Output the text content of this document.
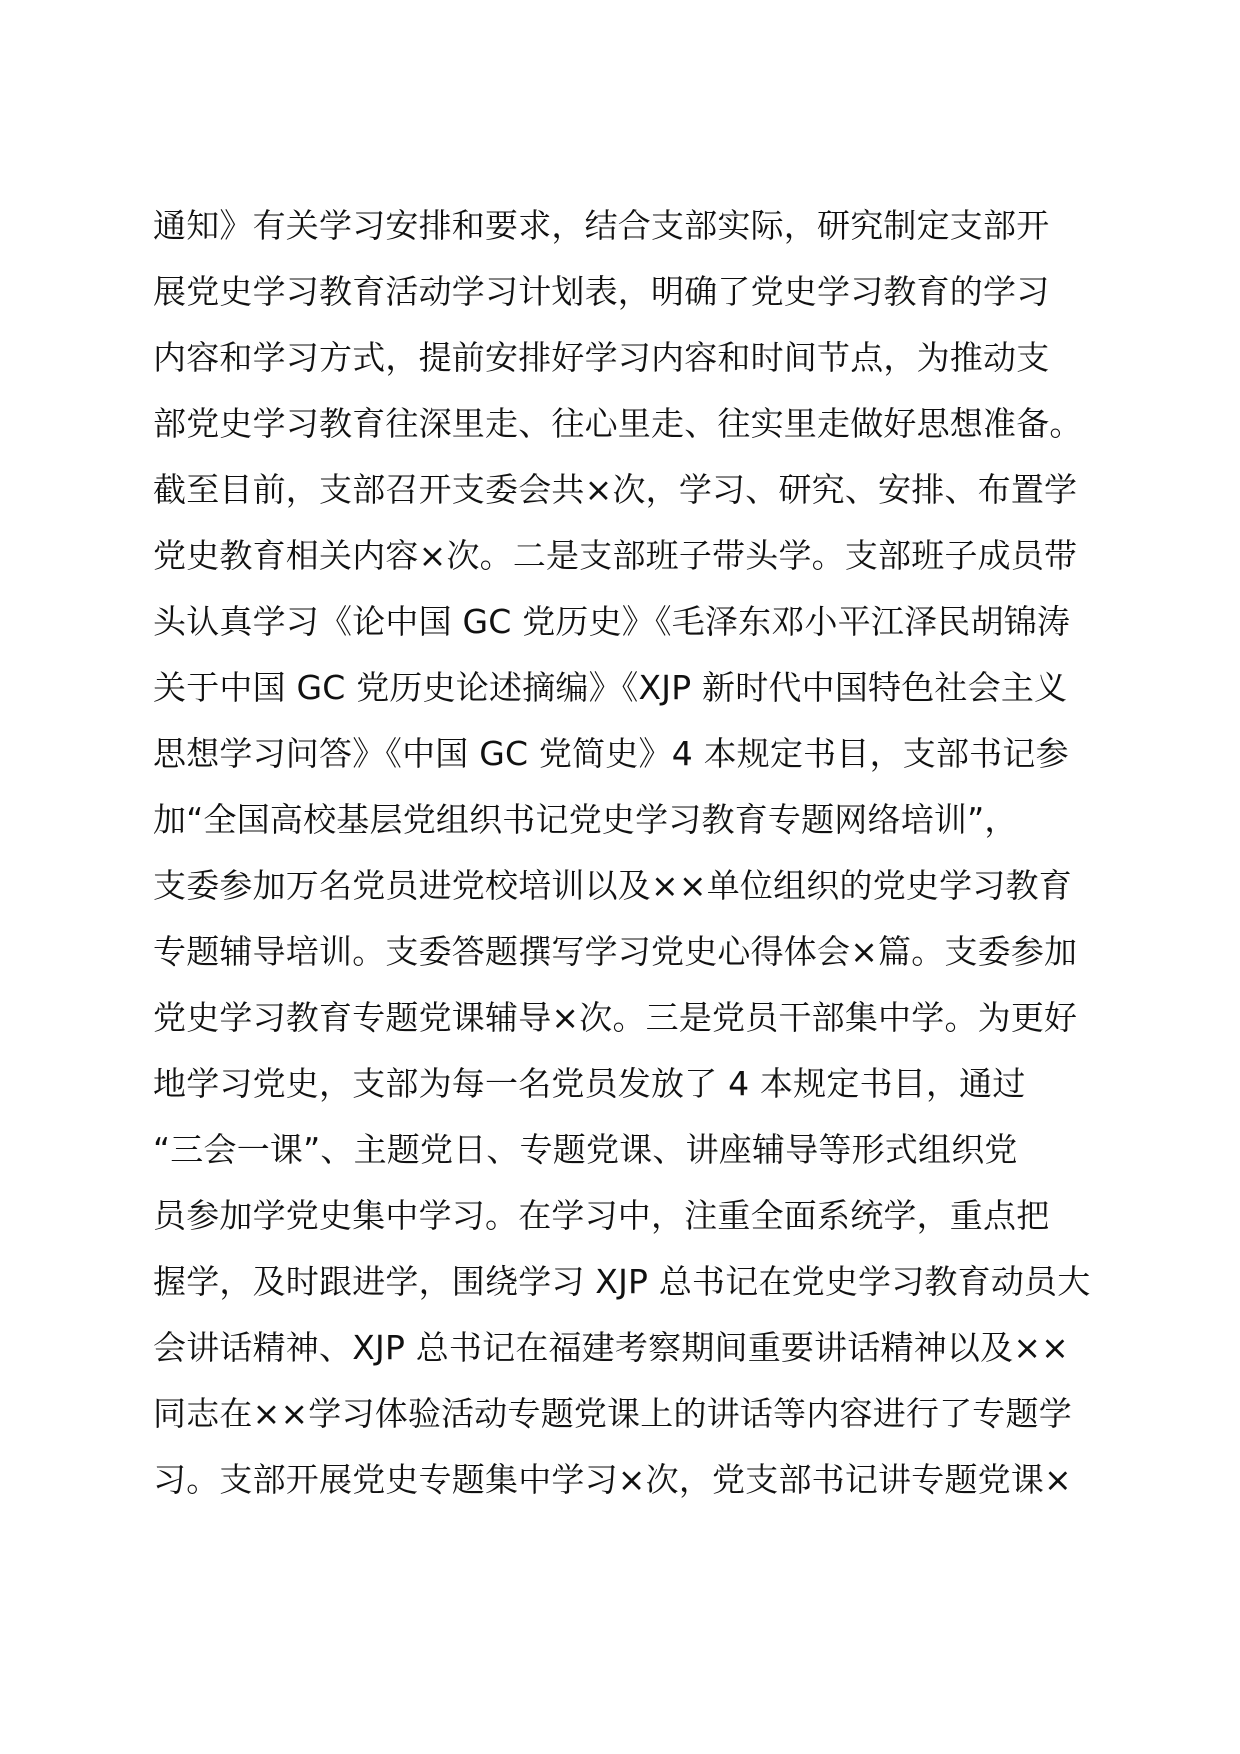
通知》有关学习安排和要求，结合支部实际，研究制定支部开
展党史学习教育活动学习计划表，明确了党史学习教育的学习
内容和学习方式，提前安排好学习内容和时间节点，为推动支
部党史学习教育往深里走、往心里走、往实里走做好思想准备。
截至目前，支部召开支委会共×次，学习、研究、安排、布置学
党史教育相关内容×次。二是支部班子带头学。支部班子成员带
头认真学习《论中国 GC 党历史》《毛泽东邓小平江泽民胡锦涛
关于中国 GC 党历史论述摘编》《XJP 新时代中国特色社会主义
思想学习问答》《中国 GC 党简史》4 本规定书目，支部书记参
加“全国高校基层党组织书记党史学习教育专题网络培训”，
支委参加万名党员进党校培训以及××单位组织的党史学习教育
专题辅导培训。支委答题撰写学习党史心得体会×篇。支委参加
党史学习教育专题党课辅导×次。三是党员干部集中学。为更好
地学习党史，支部为每一名党员发放了 4 本规定书目，通过
“三会一课”、主题党日、专题党课、讲座辅导等形式组织党
员参加学党史集中学习。在学习中，注重全面系统学，重点把
握学，及时跟进学，围绕学习 XJP 总书记在党史学习教育动员大
会讲话精神、XJP 总书记在福建考察期间重要讲话精神以及××
同志在××学习体验活动专题党课上的讲话等内容进行了专题学
习。支部开展党史专题集中学习×次，党支部书记讲专题党课×
